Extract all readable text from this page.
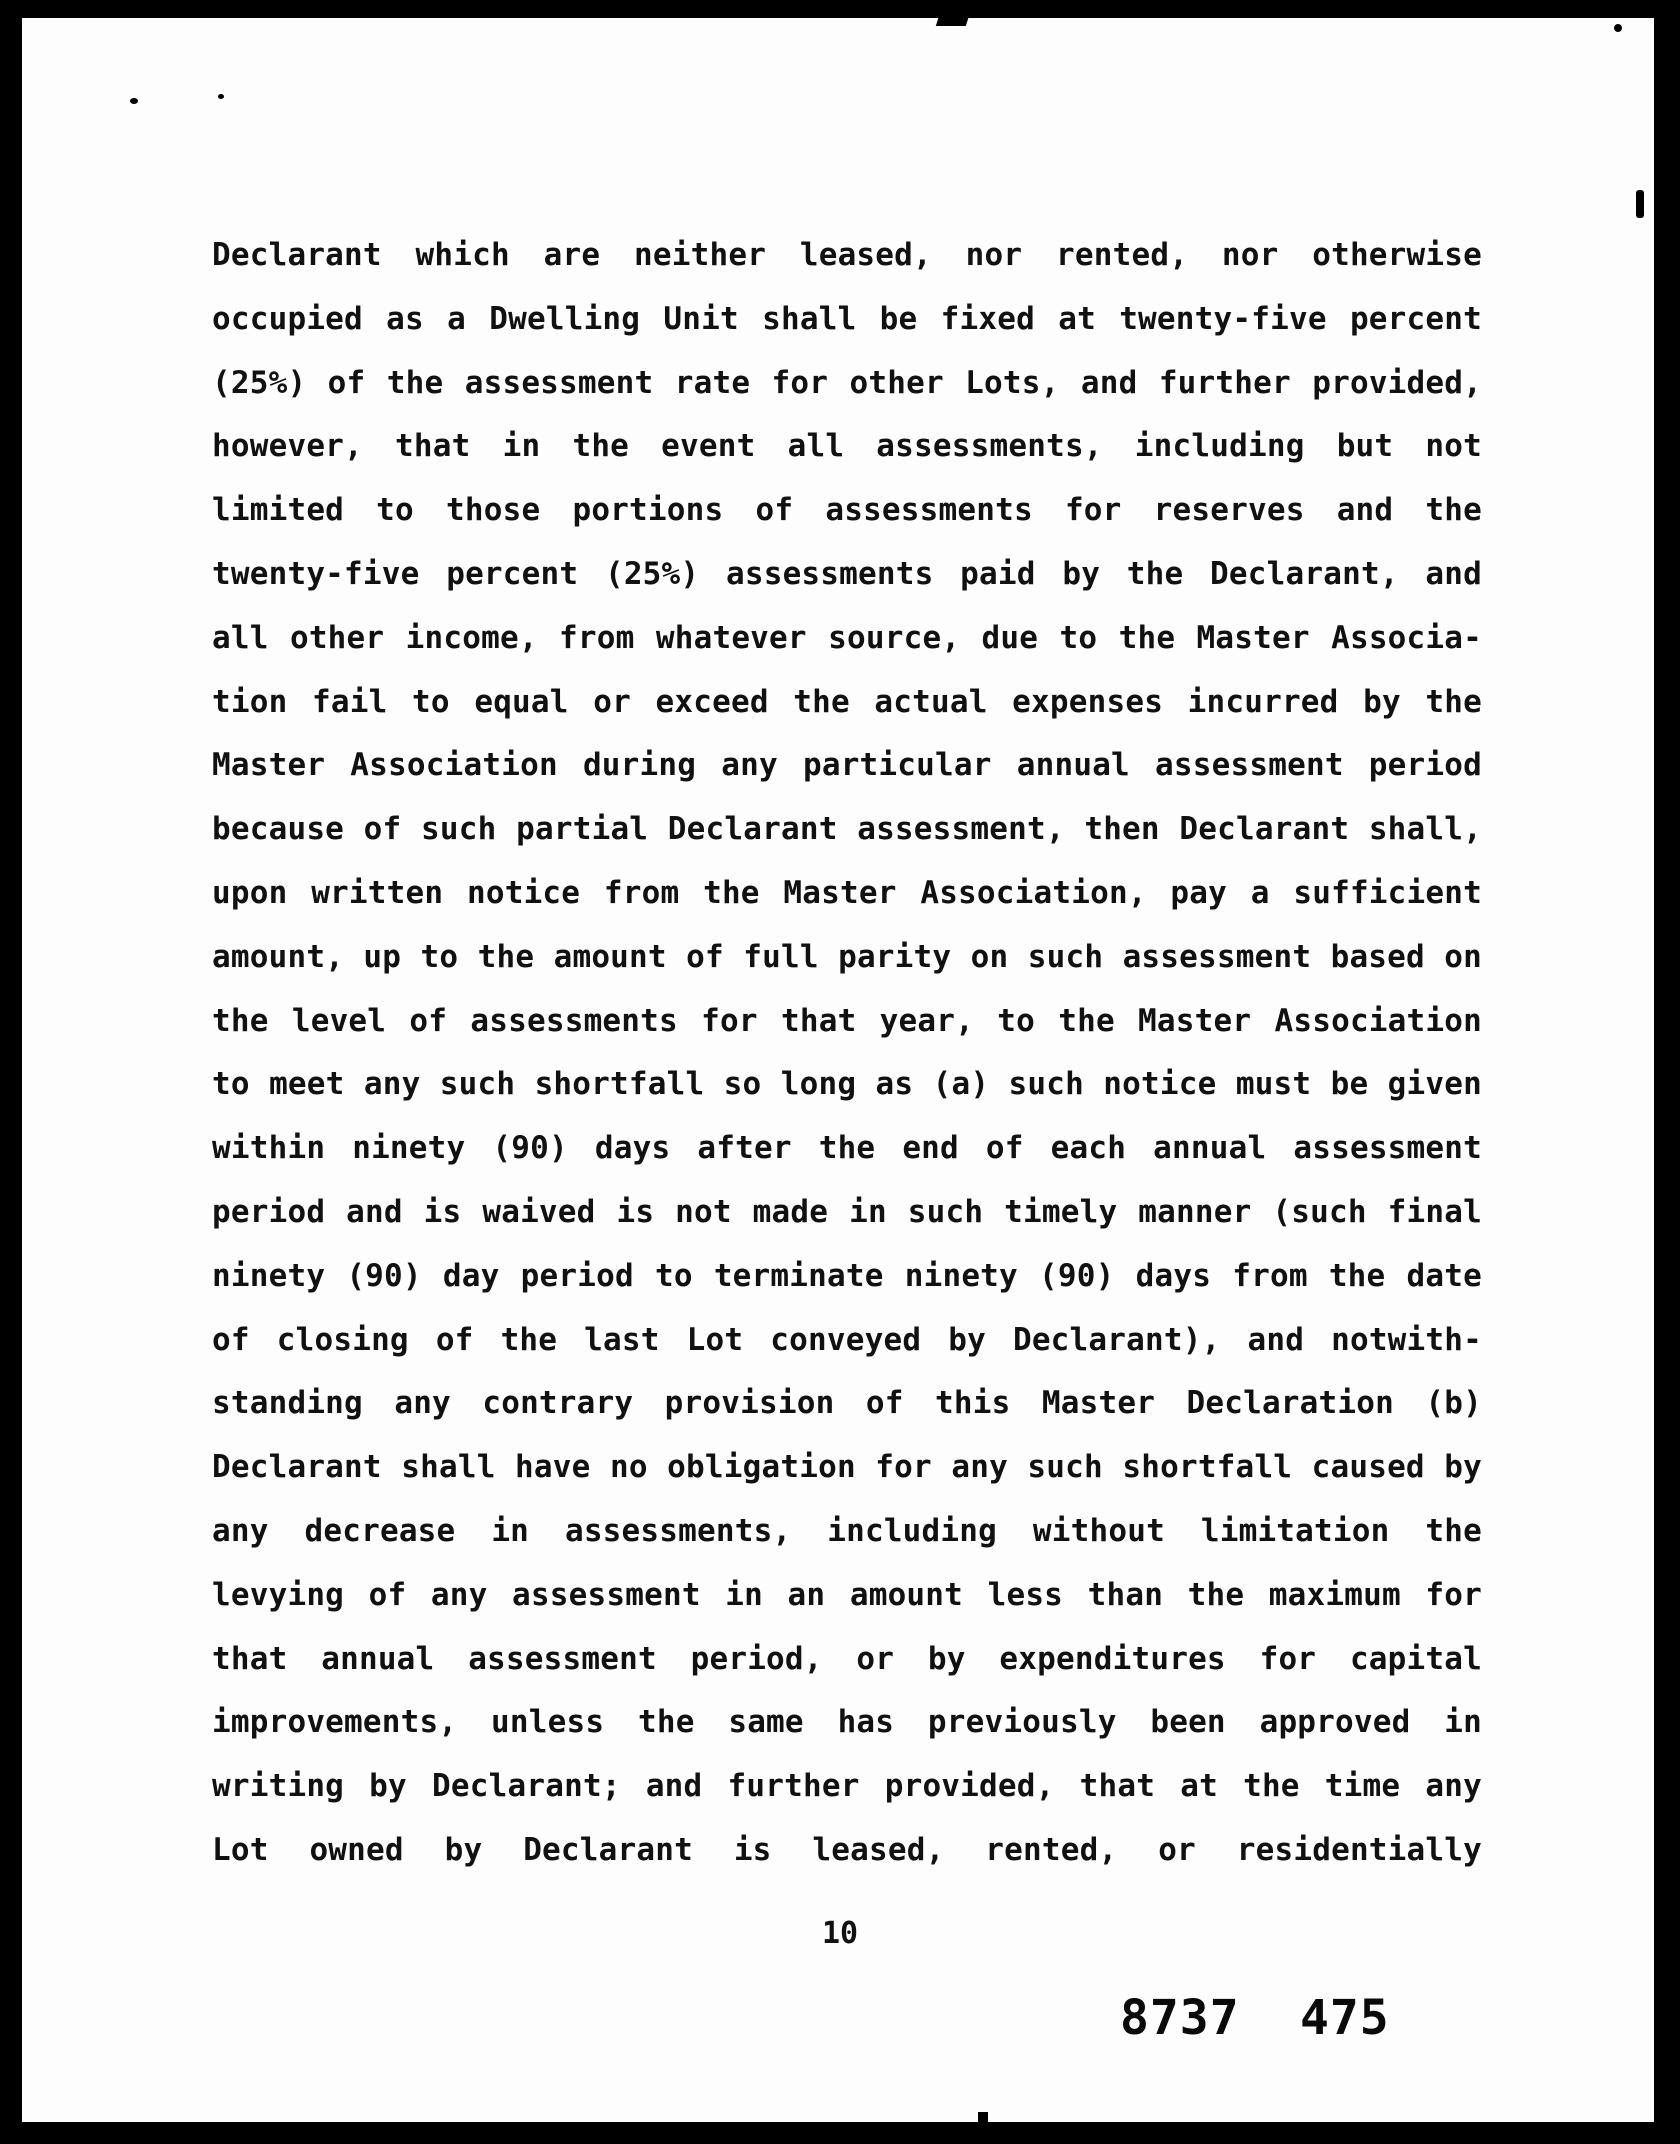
Declarant which are neither leased, nor rented, nor otherwise
occupied as a Dwelling Unit shall be fixed at twenty-five percent
(25%) of the assessment rate for other Lots, and further provided,
however, that in the event all assessments, including but not
limited to those portions of assessments for reserves and the
twenty-five percent (25%) assessments paid by the Declarant, and
all other income, from whatever source, due to the Master Associa-
tion fail to equal or exceed the actual expenses incurred by the
Master Association during any particular annual assessment period
because of such partial Declarant assessment, then Declarant shall,
upon written notice from the Master Association, pay a sufficient
amount, up to the amount of full parity on such assessment based on
the level of assessments for that year, to the Master Association
to meet any such shortfall so long as (a) such notice must be given
within ninety (90) days after the end of each annual assessment
period and is waived is not made in such timely manner (such final
ninety (90) day period to terminate ninety (90) days from the date
of closing of the last Lot conveyed by Declarant), and notwith-
standing any contrary provision of this Master Declaration (b)
Declarant shall have no obligation for any such shortfall caused by
any decrease in assessments, including without limitation the
levying of any assessment in an amount less than the maximum for
that annual assessment period, or by expenditures for capital
improvements, unless the same has previously been approved in
writing by Declarant; and further provided, that at the time any
Lot owned by Declarant is leased, rented, or residentially
10
8737 475
